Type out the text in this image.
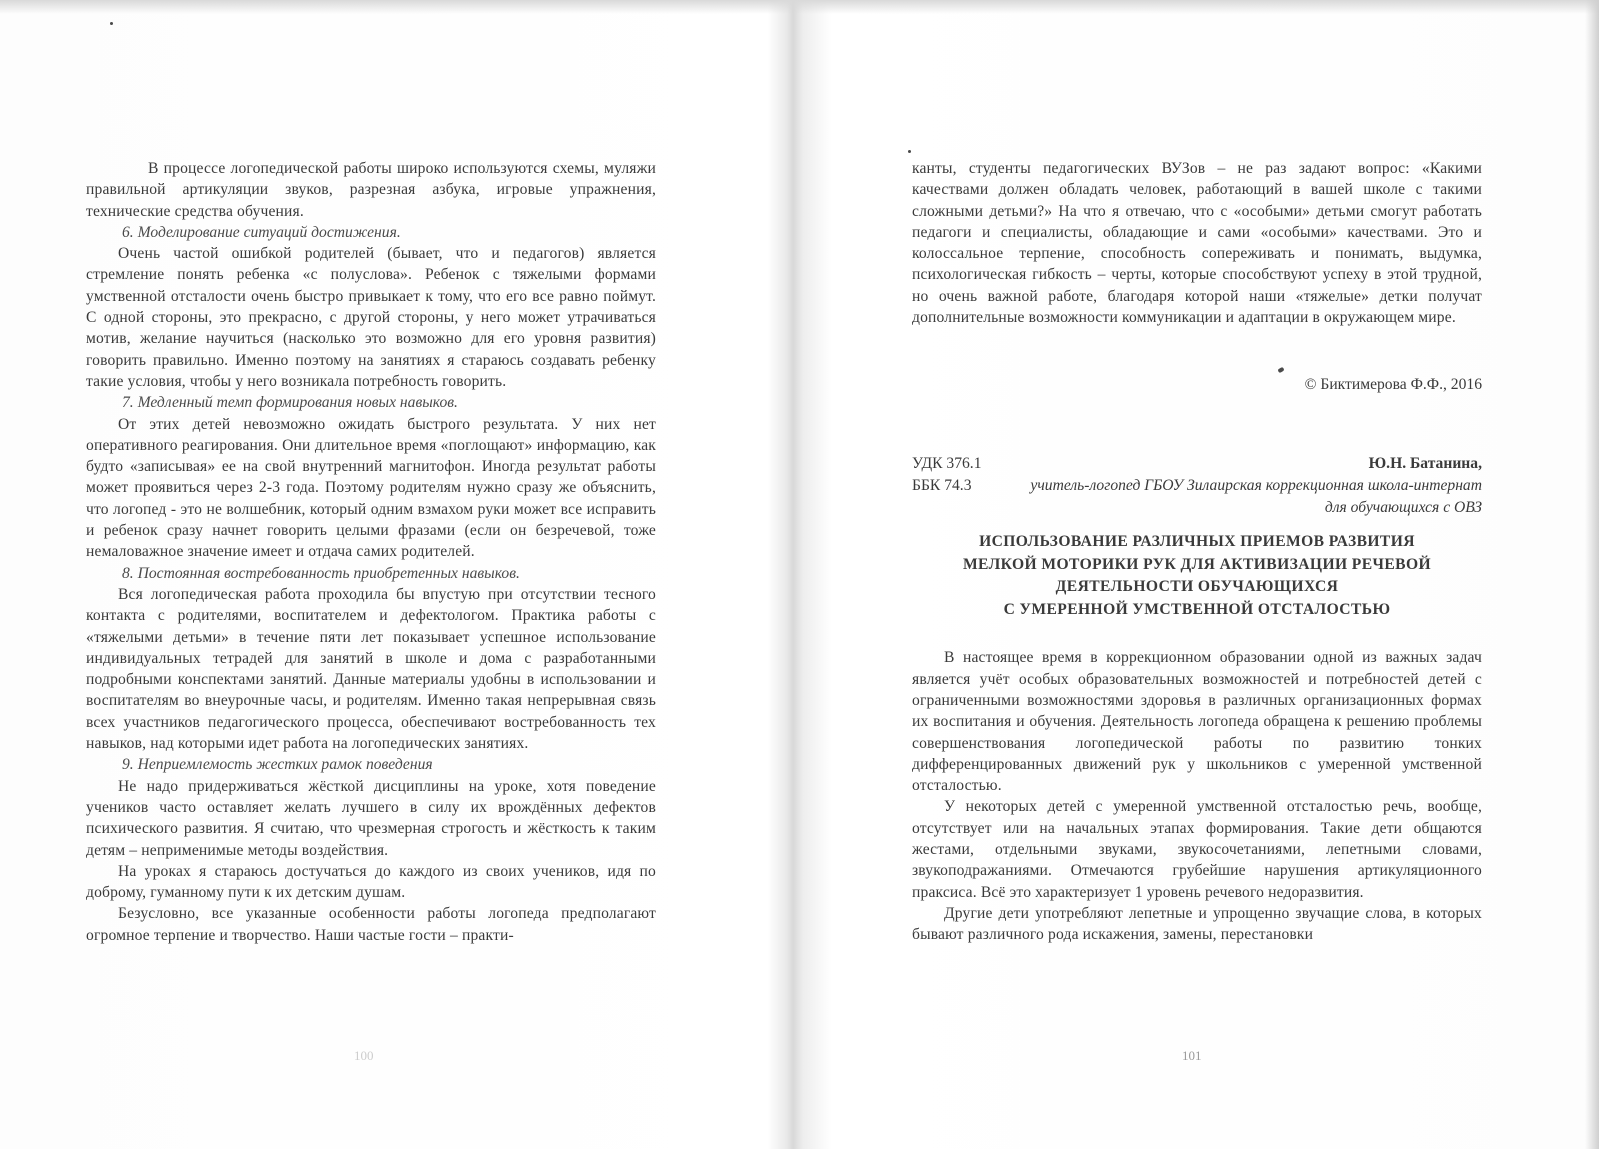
В процессе логопедической работы широко используются схемы, муляжи правильной артикуляции звуков, разрезная азбука, игровые упражнения, технические средства обучения.

6. Моделирование ситуаций достижения.

Очень частой ошибкой родителей (бывает, что и педагогов) является стремление понять ребенка «с полуслова». Ребенок с тяжелыми формами умственной отсталости очень быстро привыкает к тому, что его все равно поймут. С одной стороны, это прекрасно, с другой стороны, у него может утрачиваться мотив, желание научиться (насколько это возможно для его уровня развития) говорить правильно. Именно поэтому на занятиях я стараюсь создавать ребенку такие условия, чтобы у него возникала потребность говорить.

7. Медленный темп формирования новых навыков.

От этих детей невозможно ожидать быстрого результата. У них нет оперативного реагирования. Они длительное время «поглощают» информацию, как будто «записывая» ее на свой внутренний магнитофон. Иногда результат работы может проявиться через 2-3 года. Поэтому родителям нужно сразу же объяснить, что логопед - это не волшебник, который одним взмахом руки может все исправить и ребенок сразу начнет говорить целыми фразами (если он безречевой, тоже немаловажное значение имеет и отдача самих родителей.

8. Постоянная востребованность приобретенных навыков.

Вся логопедическая работа проходила бы впустую при отсутствии тесного контакта с родителями, воспитателем и дефектологом. Практика работы с «тяжелыми детьми» в течение пяти лет показывает успешное использование индивидуальных тетрадей для занятий в школе и дома с разработанными подробными конспектами занятий. Данные материалы удобны в использовании и воспитателям во внеурочные часы, и родителям. Именно такая непрерывная связь всех участников педагогического процесса, обеспечивают востребованность тех навыков, над которыми идет работа на логопедических занятиях.

9. Неприемлемость жестких рамок поведения

Не надо придерживаться жёсткой дисциплины на уроке, хотя поведение учеников часто оставляет желать лучшего в силу их врождённых дефектов психического развития. Я считаю, что чрезмерная строгость и жёсткость к таким детям – неприменимые методы воздействия.

На уроках я стараюсь достучаться до каждого из своих учеников, идя по доброму, гуманному пути к их детским душам.

Безусловно, все указанные особенности работы логопеда предполагают огромное терпение и творчество. Наши частые гости – практи-

100

канты, студенты педагогических ВУЗов – не раз задают вопрос: «Какими качествами должен обладать человек, работающий в вашей школе с такими сложными детьми?» На что я отвечаю, что с «особыми» детьми смогут работать педагоги и специалисты, обладающие и сами «особыми» качествами. Это и колоссальное терпение, способность сопереживать и понимать, выдумка, психологическая гибкость – черты, которые способствуют успеху в этой трудной, но очень важной работе, благодаря которой наши «тяжелые» детки получат дополнительные возможности коммуникации и адаптации в окружающем мире.

© Биктимерова Ф.Ф., 2016

УДК 376.1
ББК 74.3
Ю.Н. Батанина,
учитель-логопед ГБОУ Зилаирская коррекционная школа-интернат для обучающихся с ОВЗ
ИСПОЛЬЗОВАНИЕ РАЗЛИЧНЫХ ПРИЕМОВ РАЗВИТИЯ
МЕЛКОЙ МОТОРИКИ РУК ДЛЯ АКТИВИЗАЦИИ РЕЧЕВОЙ
ДЕЯТЕЛЬНОСТИ ОБУЧАЮЩИХСЯ
С УМЕРЕННОЙ УМСТВЕННОЙ ОТСТАЛОСТЬЮ

В настоящее время в коррекционном образовании одной из важных задач является учёт особых образовательных возможностей и потребностей детей с ограниченными возможностями здоровья в различных организационных формах их воспитания и обучения. Деятельность логопеда обращена к решению проблемы совершенствования логопедической работы по развитию тонких дифференцированных движений рук у школьников с умеренной умственной отсталостью.

У некоторых детей с умеренной умственной отсталостью речь, вообще, отсутствует или на начальных этапах формирования. Такие дети общаются жестами, отдельными звуками, звукосочетаниями, лепетными словами, звукоподражаниями. Отмечаются грубейшие нарушения артикуляционного праксиса. Всё это характеризует 1 уровень речевого недоразвития.

Другие дети употребляют лепетные и упрощенно звучащие слова, в которых бывают различного рода искажения, замены, перестановки

101
